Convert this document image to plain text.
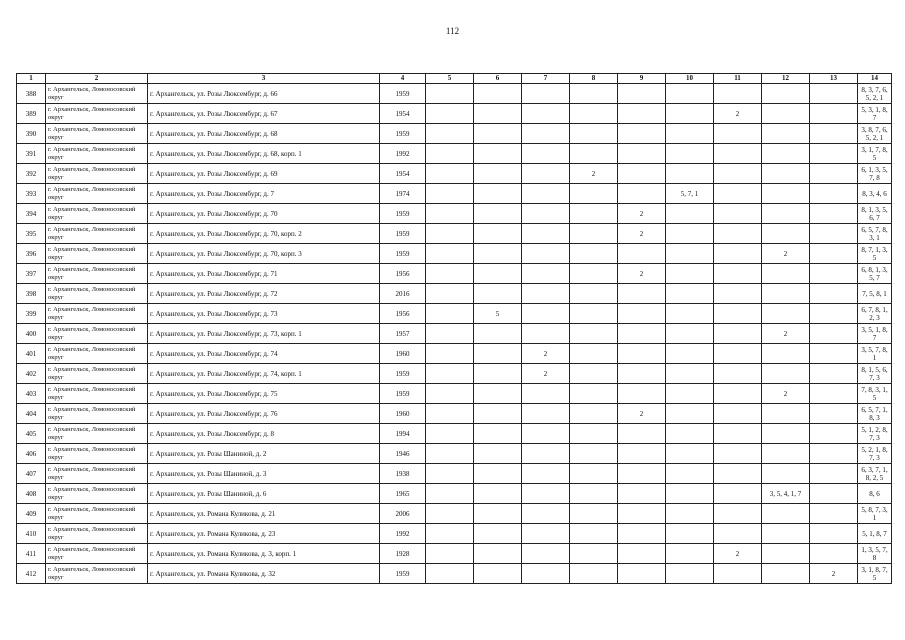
112
1	2	3	4	5	6	7	8	9	10	11	12	13	14
388	г. Архангельск, Ломоносовский округ	г. Архангельск, ул. Розы Люксембург, д. 66	1959										8, 3, 7, 6, 5, 2, 1
389	г. Архангельск, Ломоносовский округ	г. Архангельск, ул. Розы Люксембург, д. 67	1954							2			5, 3, 1, 8, 7
390	г. Архангельск, Ломоносовский округ	г. Архангельск, ул. Розы Люксембург, д. 68	1959										3, 8, 7, 6, 5, 2, 1
391	г. Архангельск, Ломоносовский округ	г. Архангельск, ул. Розы Люксембург, д. 68, корп. 1	1992										3, 1, 7, 8, 5
392	г. Архангельск, Ломоносовский округ	г. Архангельск, ул. Розы Люксембург, д. 69	1954				2						6, 1, 3, 5, 7, 8
393	г. Архангельск, Ломоносовский округ	г. Архангельск, ул. Розы Люксембург, д. 7	1974						5, 7, 1				8, 3, 4, 6
394	г. Архангельск, Ломоносовский округ	г. Архангельск, ул. Розы Люксембург, д. 70	1959					2					8, 1, 3, 5, 6, 7
395	г. Архангельск, Ломоносовский округ	г. Архангельск, ул. Розы Люксембург, д. 70, корп. 2	1959					2					6, 5, 7, 8, 3, 1
396	г. Архангельск, Ломоносовский округ	г. Архангельск, ул. Розы Люксембург, д. 70, корп. 3	1959								2		8, 7, 1, 3, 5
397	г. Архангельск, Ломоносовский округ	г. Архангельск, ул. Розы Люксембург, д. 71	1956					2					6, 8, 1, 3, 5, 7
398	г. Архангельск, Ломоносовский округ	г. Архангельск, ул. Розы Люксембург, д. 72	2016										7, 5, 8, 1
399	г. Архангельск, Ломоносовский округ	г. Архангельск, ул. Розы Люксембург, д. 73	1956		5								6, 7, 8, 1, 2, 3
400	г. Архангельск, Ломоносовский округ	г. Архангельск, ул. Розы Люксембург, д. 73, корп. 1	1957								2		3, 5, 1, 8, 7
401	г. Архангельск, Ломоносовский округ	г. Архангельск, ул. Розы Люксембург, д. 74	1960			2							3, 5, 7, 8, 1
402	г. Архангельск, Ломоносовский округ	г. Архангельск, ул. Розы Люксембург, д. 74, корп. 1	1959			2							8, 1, 5, 6, 7, 3
403	г. Архангельск, Ломоносовский округ	г. Архангельск, ул. Розы Люксембург, д. 75	1959								2		7, 8, 3, 1, 5
404	г. Архангельск, Ломоносовский округ	г. Архангельск, ул. Розы Люксембург, д. 76	1960					2					6, 5, 7, 1, 8, 3
405	г. Архангельск, Ломоносовский округ	г. Архангельск, ул. Розы Люксембург, д. 8	1994										5, 1, 2, 8, 7, 3
406	г. Архангельск, Ломоносовский округ	г. Архангельск, ул. Розы Шаниной, д. 2	1946										5, 2, 1, 8, 7, 3
407	г. Архангельск, Ломоносовский округ	г. Архангельск, ул. Розы Шаниной, д. 3	1938										6, 3, 7, 1, 8, 2, 5
408	г. Архангельск, Ломоносовский округ	г. Архангельск, ул. Розы Шаниной, д. 6	1965								3, 5, 4, 1, 7		8, 6
409	г. Архангельск, Ломоносовский округ	г. Архангельск, ул. Романа Куликова, д. 21	2006										5, 8, 7, 3, 1
410	г. Архангельск, Ломоносовский округ	г. Архангельск, ул. Романа Куликова, д. 23	1992										5, 1, 8, 7
411	г. Архангельск, Ломоносовский округ	г. Архангельск, ул. Романа Куликова, д. 3, корп. 1	1928							2			1, 3, 5, 7, 8
412	г. Архангельск, Ломоносовский округ	г. Архангельск, ул. Романа Куликова, д. 32	1959									2	3, 1, 8, 7, 5
